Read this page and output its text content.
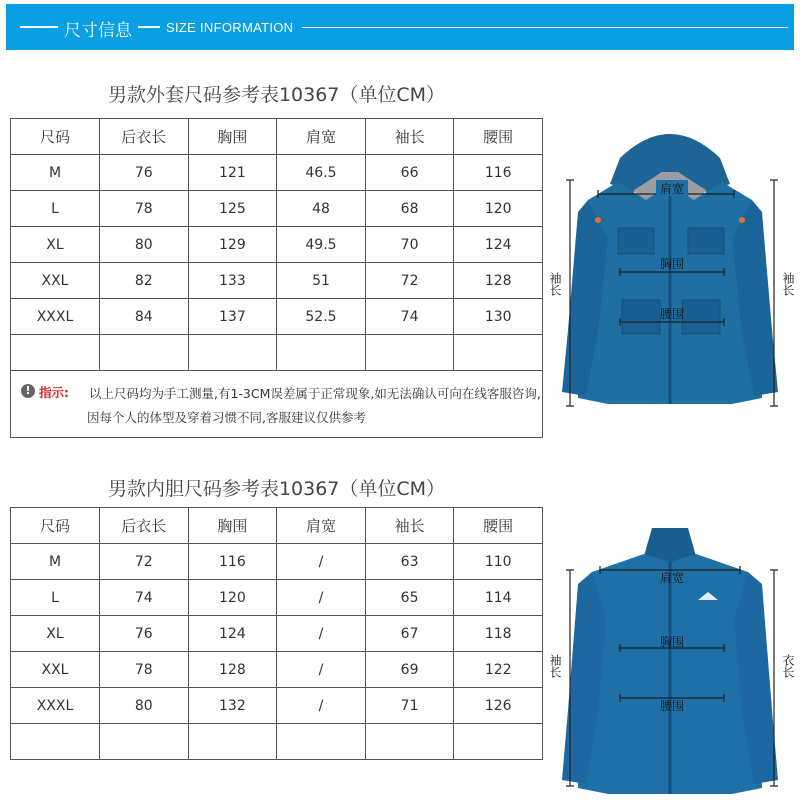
尺寸信息	SIZE INFORMATION
男款外套尺码参考表10367（单位CM）
尺码	后衣长	胸围	肩宽	袖长	腰围
M	76	121	46.5	66	116
L	78	125	48	68	120
XL	80	129	49.5	70	124
XXL	82	133	51	72	128
XXXL	84	137	52.5	74	130

! 指示: 以上尺码均为手工测量,有1-3CM误差属于正常现象,如无法确认可向在线客服咨询,
因每个人的体型及穿着习惯不同,客服建议仅供参考
男款内胆尺码参考表10367（单位CM）
尺码	后衣长	胸围	肩宽	袖长	腰围
M	72	116	/	63	110
L	74	120	/	65	114
XL	76	124	/	67	118
XXL	78	128	/	69	122
XXXL	80	132	/	71	126

肩宽
胸围
腰围
袖长	袖长
肩宽
胸围
腰围
袖长	衣长
